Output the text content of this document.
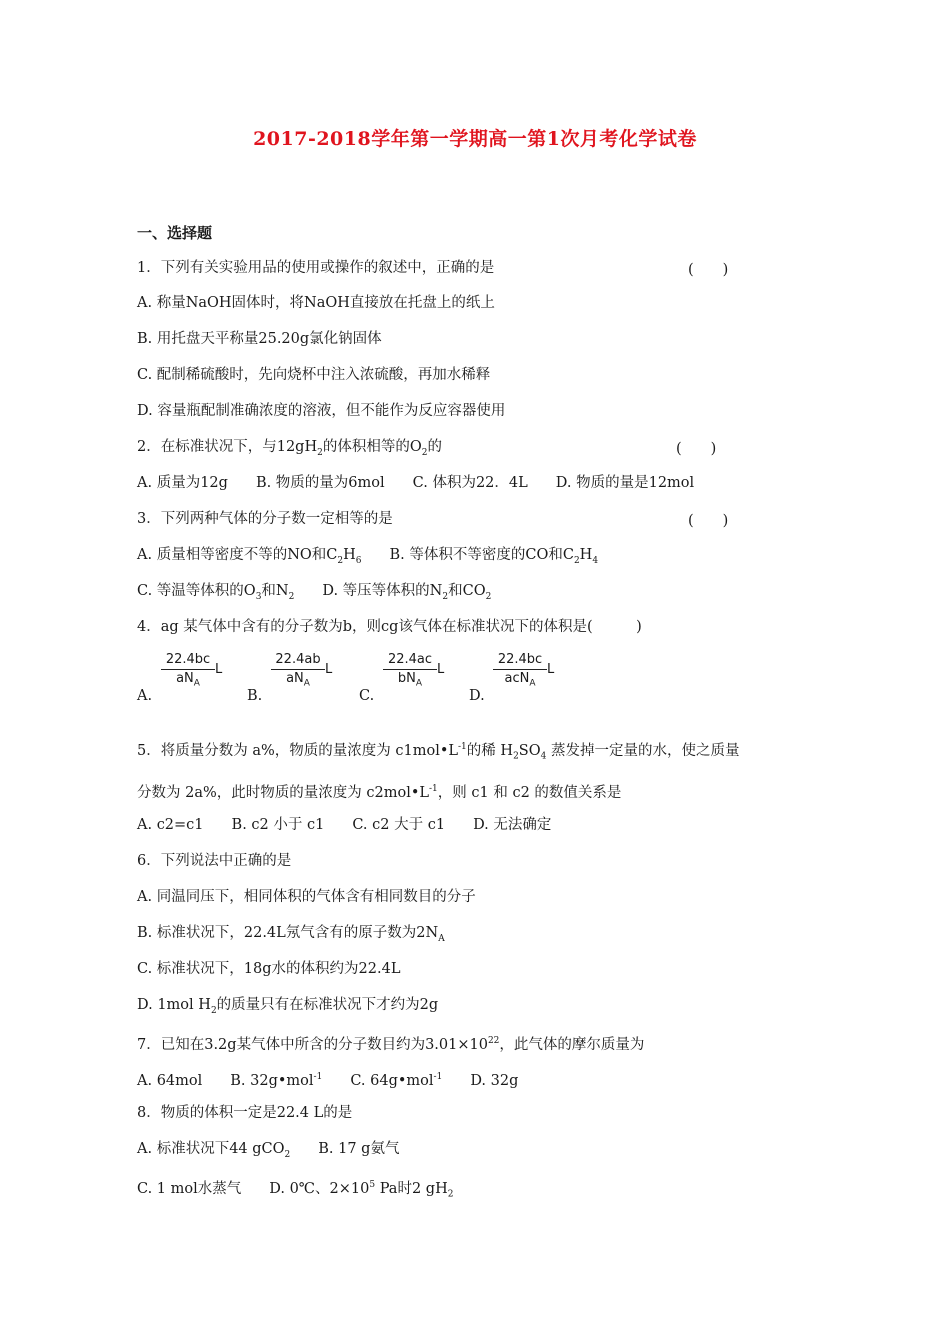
2017-2018学年第一学期高一第1次月考化学试卷
一、选择题
1．下列有关实验用品的使用或操作的叙述中，正确的是	(　　)
A. 称量NaOH固体时，将NaOH直接放在托盘上的纸上
B. 用托盘天平称量25.20g氯化钠固体
C. 配制稀硫酸时，先向烧杯中注入浓硫酸，再加水稀释
D. 容量瓶配制准确浓度的溶液，但不能作为反应容器使用
2．在标准状况下，与$12gH_2$的体积相等的$O_2$的	(　　)
A. 质量为12g B. 物质的量为6mol C. 体积为22．4L D. 物质的量是12mol
3．下列两种气体的分子数一定相等的是	(　　)
A. 质量相等密度不等的NO和$C_2H_6$ B. 等体积不等密度的CO和$C_2H_4$
C. 等温等体积的$O_3$和$N_2$ D. 等压等体积的$N_2$和$CO_2$
4．ag 某气体中含有的分子数为b，则cg该气体在标准状况下的体积是(　　　)
A.
22.4bc
$aN_A$
L
B.
22.4ab
$aN_A$
L
C.
22.4ac
$bN_A$
L
D.
22.4bc
acN$_A$
L
5．将质量分数为 a%，物质的量浓度为 $c1mol•L^{-1}$的稀 $H_2SO_4$ 蒸发掉一定量的水，使之质量
分数为 2a%，此时物质的量浓度为 $c2mol•L^{-1}$，则 c1 和 c2 的数值关系是
A. c2=c1 B. c2 小于 c1 C. c2 大于 c1 D. 无法确定
6．下列说法中正确的是
A. 同温同压下，相同体积的气体含有相同数目的分子
B. 标准状况下，22.4L氖气含有的原子数为$2N_A$
C. 标准状况下，18g水的体积约为22.4L
D. 1mol $H_2$的质量只有在标准状况下才约为2g
7．已知在3.2g某气体中所含的分子数目约为$3.01\times 10^{22}$，此气体的摩尔质量为
A. 64mol B. 32g•mol$^{-1}$ C. 64g•mol$^{-1}$ D. 32g
8．物质的体积一定是22.4 L的是
A. 标准状况下44 gCO$_2$ B. 17 g氨气
C. 1 mol水蒸气 D. 0℃、$2\times 10^5$ Pa时2 $gH_2$
